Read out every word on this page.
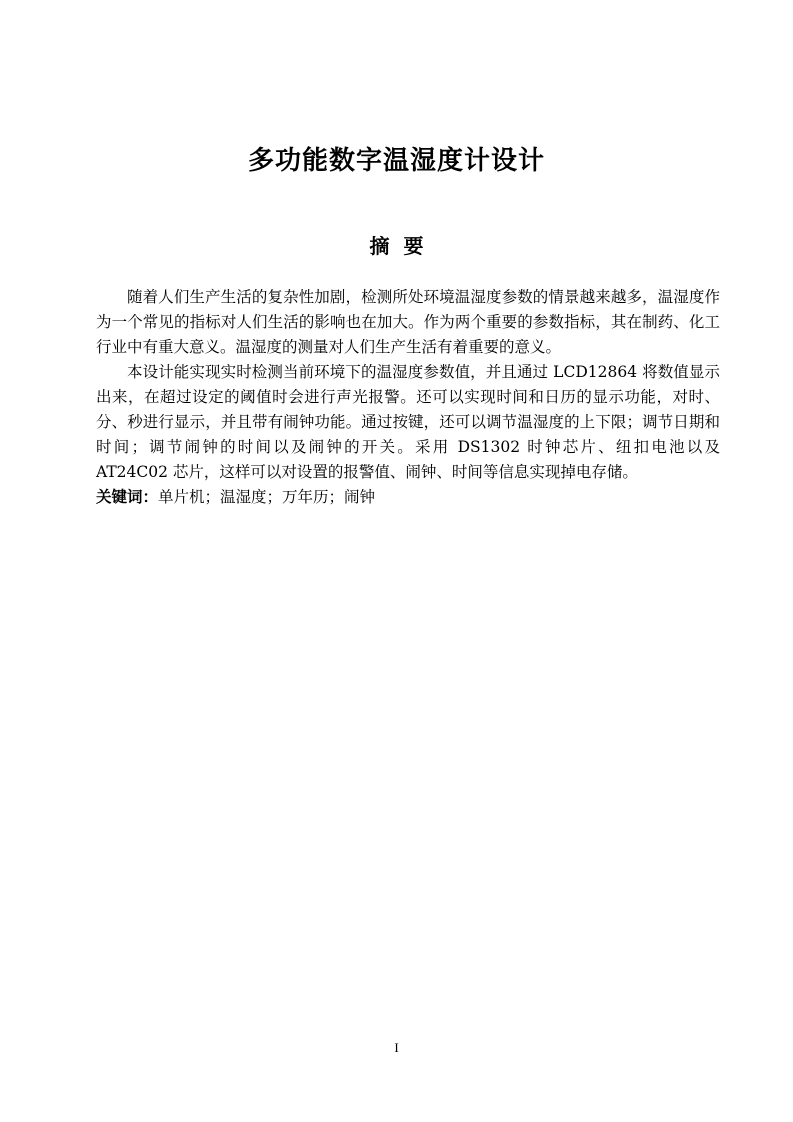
多功能数字温湿度计设计
摘  要

随着人们生产生活的复杂性加剧，检测所处环境温湿度参数的情景越来越多，温湿度作为一个常见的指标对人们生活的影响也在加大。作为两个重要的参数指标，其在制药、化工行业中有重大意义。温湿度的测量对人们生产生活有着重要的意义。

本设计能实现实时检测当前环境下的温湿度参数值，并且通过 LCD12864 将数值显示出来，在超过设定的阈值时会进行声光报警。还可以实现时间和日历的显示功能，对时、分、秒进行显示，并且带有闹钟功能。通过按键，还可以调节温湿度的上下限；调节日期和时间；调节闹钟的时间以及闹钟的开关。采用 DS1302 时钟芯片、纽扣电池以及 AT24C02 芯片，这样可以对设置的报警值、闹钟、时间等信息实现掉电存储。

关键词：单片机；温湿度；万年历；闹钟

I
